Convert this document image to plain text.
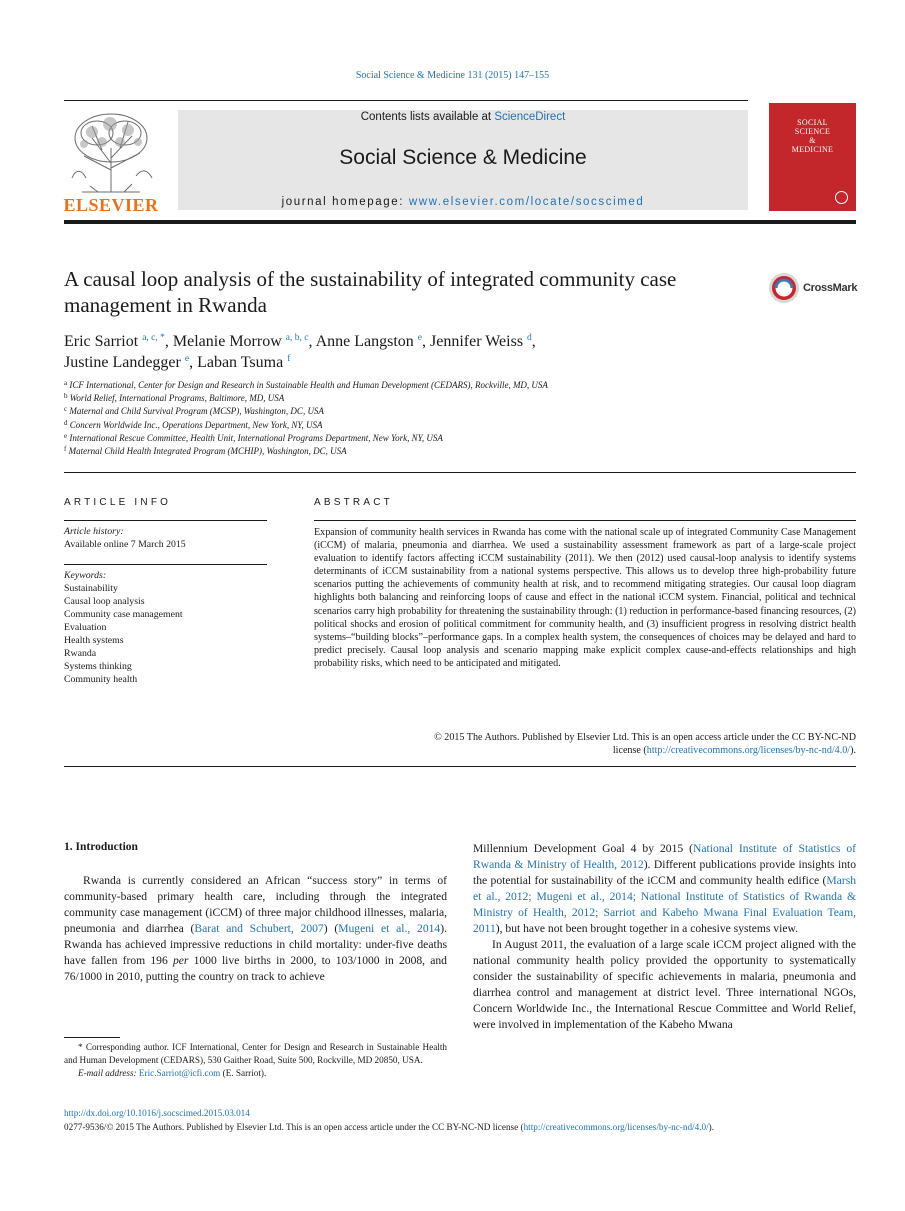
Social Science & Medicine 131 (2015) 147–155
ELSEVIER
Contents lists available at ScienceDirect
Social Science & Medicine
journal homepage: www.elsevier.com/locate/socscimed
SOCIAL
SCIENCE
&
MEDICINE
A causal loop analysis of the sustainability of integrated community case management in Rwanda
CrossMark
Eric Sarriot $^{a, c, *}$, Melanie Morrow $^{a, b, c}$, Anne Langston $^e$, Jennifer Weiss $^d$,
Justine Landegger $^e$, Laban Tsuma $^f$
$^a$ ICF International, Center for Design and Research in Sustainable Health and Human Development (CEDARS), Rockville, MD, USA
$^b$ World Relief, International Programs, Baltimore, MD, USA
$^c$ Maternal and Child Survival Program (MCSP), Washington, DC, USA
$^d$ Concern Worldwide Inc., Operations Department, New York, NY, USA
$^e$ International Rescue Committee, Health Unit, International Programs Department, New York, NY, USA
$^f$ Maternal Child Health Integrated Program (MCHIP), Washington, DC, USA
ARTICLE INFO	ABSTRACT
Article history:
Available online 7 March 2015
Keywords:
Sustainability
Causal loop analysis
Community case management
Evaluation
Health systems
Rwanda
Systems thinking
Community health
Expansion of community health services in Rwanda has come with the national scale up of integrated Community Case Management (iCCM) of malaria, pneumonia and diarrhea. We used a sustainability assessment framework as part of a large-scale project evaluation to identify factors affecting iCCM sustainability (2011). We then (2012) used causal-loop analysis to identify systems determinants of iCCM sustainability from a national systems perspective. This allows us to develop three high-probability future scenarios putting the achievements of community health at risk, and to recommend mitigating strategies. Our causal loop diagram highlights both balancing and reinforcing loops of cause and effect in the national iCCM system. Financial, political and technical scenarios carry high probability for threatening the sustainability through: (1) reduction in performance-based financing resources, (2) political shocks and erosion of political commitment for community health, and (3) insufficient progress in resolving district health systems–“building blocks”–performance gaps. In a complex health system, the consequences of choices may be delayed and hard to predict precisely. Causal loop analysis and scenario mapping make explicit complex cause-and-effects relationships and high probability risks, which need to be anticipated and mitigated.
© 2015 The Authors. Published by Elsevier Ltd. This is an open access article under the CC BY-NC-ND
license (http://creativecommons.org/licenses/by-nc-nd/4.0/).
1. Introduction

Rwanda is currently considered an African “success story” in terms of community-based primary health care, including through the integrated community case management (iCCM) of three major childhood illnesses, malaria, pneumonia and diarrhea (Barat and Schubert, 2007) (Mugeni et al., 2014). Rwanda has achieved impressive reductions in child mortality: under-five deaths have fallen from 196 per 1000 live births in 2000, to 103/1000 in 2008, and 76/1000 in 2010, putting the country on track to achieve

Millennium Development Goal 4 by 2015 (National Institute of Statistics of Rwanda & Ministry of Health, 2012). Different publications provide insights into the potential for sustainability of the iCCM and community health edifice (Marsh et al., 2012; Mugeni et al., 2014; National Institute of Statistics of Rwanda & Ministry of Health, 2012; Sarriot and Kabeho Mwana Final Evaluation Team, 2011), but have not been brought together in a cohesive systems view.

In August 2011, the evaluation of a large scale iCCM project aligned with the national community health policy provided the opportunity to systematically consider the sustainability of specific achievements in malaria, pneumonia and diarrhea control and management at district level. Three international NGOs, Concern Worldwide Inc., the International Rescue Committee and World Relief, were involved in implementation of the Kabeho Mwana

* Corresponding author. ICF International, Center for Design and Research in Sustainable Health and Human Development (CEDARS), 530 Gaither Road, Suite 500, Rockville, MD 20850, USA.
E-mail address: Eric.Sarriot@icfi.com (E. Sarriot).
http://dx.doi.org/10.1016/j.socscimed.2015.03.014
0277-9536/© 2015 The Authors. Published by Elsevier Ltd. This is an open access article under the CC BY-NC-ND license (http://creativecommons.org/licenses/by-nc-nd/4.0/).
